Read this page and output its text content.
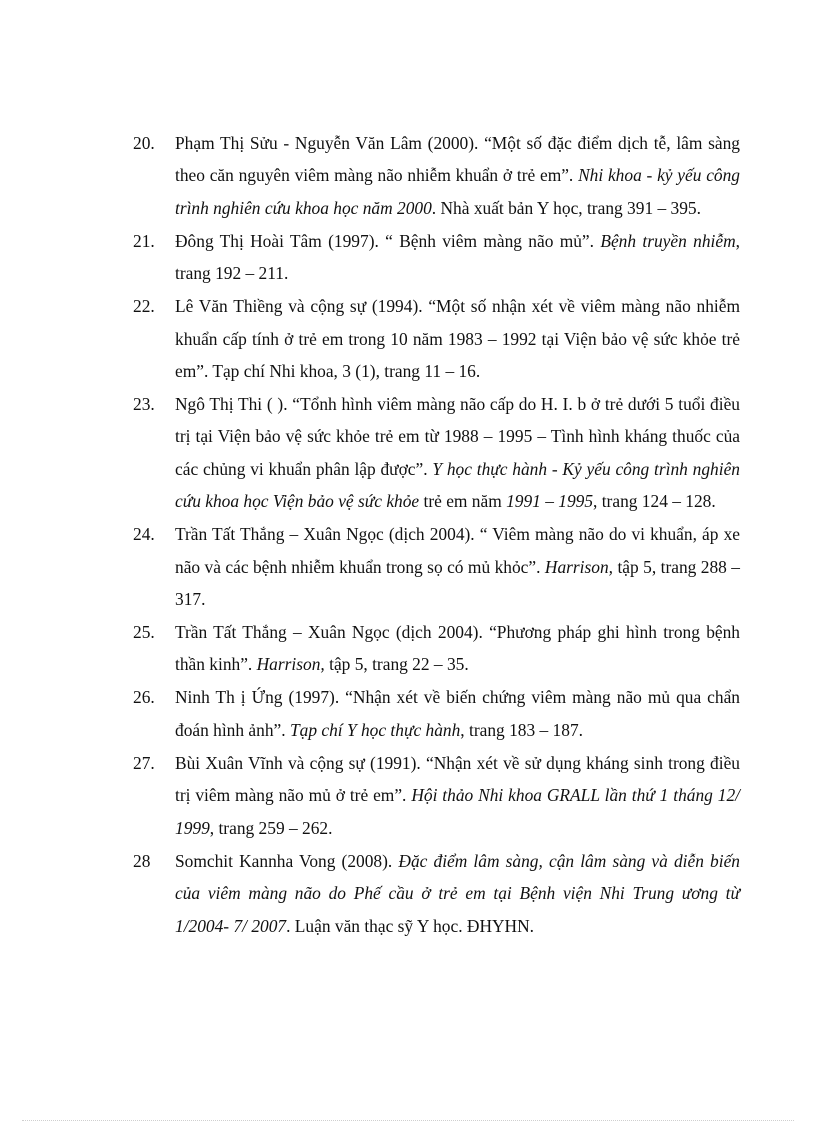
20. Phạm Thị Sửu - Nguyễn Văn Lâm (2000). “Một số đặc điểm dịch tễ, lâm sàng theo căn nguyên viêm màng não nhiễm khuẩn ở trẻ em”. Nhi khoa - kỷ yếu công trình nghiên cứu khoa học năm 2000. Nhà xuất bản Y học, trang 391 – 395.
21. Đông Thị Hoài Tâm (1997). “ Bệnh viêm màng não mủ”. Bệnh truyền nhiễm, trang 192 – 211.
22. Lê Văn Thiềng và cộng sự (1994). “Một số nhận xét về viêm màng não nhiễm khuẩn cấp tính ở trẻ em trong 10 năm 1983 – 1992 tại Viện bảo vệ sức khỏe trẻ em”. Tạp chí Nhi khoa, 3 (1), trang 11 – 16.
23. Ngô Thị Thi ( ). “Tổnh hình viêm màng não cấp do H. I. b ở trẻ dưới 5 tuổi điều trị tại Viện bảo vệ sức khỏe trẻ em từ 1988 – 1995 – Tình hình kháng thuốc của các chủng vi khuẩn phân lập được”. Y học thực hành - Kỷ yếu công trình nghiên cứu khoa học Viện bảo vệ sức khỏe trẻ em năm 1991 – 1995, trang 124 – 128.
24. Trần Tất Thắng – Xuân Ngọc (dịch 2004). “ Viêm màng não do vi khuẩn, áp xe não và các bệnh nhiễm khuẩn trong sọ có mủ khỏc”. Harrison, tập 5, trang 288 – 317.
25. Trần Tất Thắng – Xuân Ngọc (dịch 2004). “Phương pháp ghi hình trong bệnh thần kinh”. Harrison, tập 5, trang 22 – 35.
26. Ninh Th ị Ứng (1997). “Nhận xét về biến chứng viêm màng não mủ qua chẩn đoán hình ảnh”. Tạp chí Y học thực hành, trang 183 – 187.
27. Bùi Xuân Vĩnh và cộng sự (1991). “Nhận xét về sử dụng kháng sinh trong điều trị viêm màng não mủ ở trẻ em”. Hội thảo Nhi khoa GRALL lần thứ 1 tháng 12/ 1999, trang 259 – 262.
28 Somchit Kannha Vong (2008). Đặc điểm lâm sàng, cận lâm sàng và diễn biến của viêm màng não do Phế cầu ở trẻ em tại Bệnh viện Nhi Trung ương từ 1/2004- 7/ 2007. Luận văn thạc sỹ Y học. ĐHYHN.
